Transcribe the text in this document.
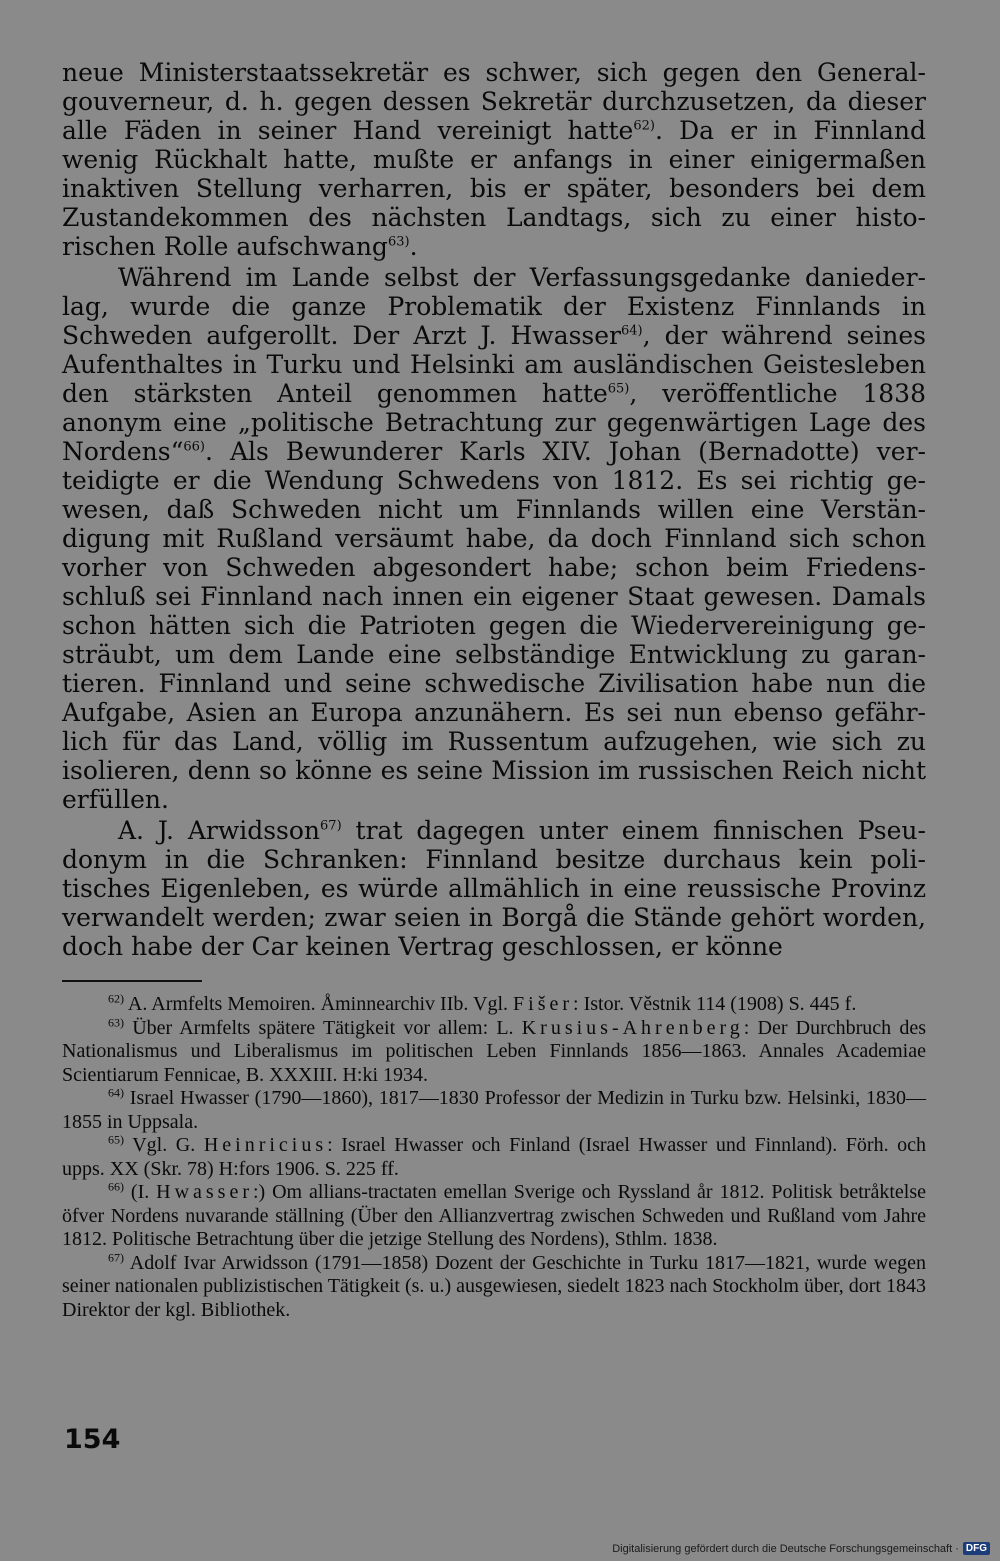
neue Ministerstaatssekretär es schwer, sich gegen den Generalgouverneur, d. h. gegen dessen Sekretär durchzusetzen, da dieser alle Fäden in seiner Hand vereinigt hatte$^{62)}$. Da er in Finnland wenig Rückhalt hatte, mußte er anfangs in einer einigermaßen inaktiven Stellung verharren, bis er später, besonders bei dem Zustandekommen des nächsten Landtags, sich zu einer historischen Rolle aufschwang$^{63)}$.

Während im Lande selbst der Verfassungsgedanke daniederlag, wurde die ganze Problematik der Existenz Finnlands in Schweden aufgerollt. Der Arzt J. Hwasser$^{64)}$, der während seines Aufenthaltes in Turku und Helsinki am ausländischen Geistesleben den stärksten Anteil genommen hatte$^{65)}$, veröffentliche 1838 anonym eine „politische Betrachtung zur gegenwärtigen Lage des Nordens“$^{66)}$. Als Bewunderer Karls XIV. Johan (Bernadotte) verteidigte er die Wendung Schwedens von 1812. Es sei richtig gewesen, daß Schweden nicht um Finnlands willen eine Verständigung mit Rußland versäumt habe, da doch Finnland sich schon vorher von Schweden abgesondert habe; schon beim Friedensschluß sei Finnland nach innen ein eigener Staat gewesen. Damals schon hätten sich die Patrioten gegen die Wiedervereinigung gesträubt, um dem Lande eine selbständige Entwicklung zu garantieren. Finnland und seine schwedische Zivilisation habe nun die Aufgabe, Asien an Europa anzunähern. Es sei nun ebenso gefährlich für das Land, völlig im Russentum aufzugehen, wie sich zu isolieren, denn so könne es seine Mission im russischen Reich nicht erfüllen.

A. J. Arwidsson$^{67)}$ trat dagegen unter einem finnischen Pseudonym in die Schranken: Finnland besitze durchaus kein politisches Eigenleben, es würde allmählich in eine reussische Provinz verwandelt werden; zwar seien in Borgå die Stände gehört worden, doch habe der Car keinen Vertrag geschlossen, er könne

$^{62)}$ A. Armfelts Memoiren. Åminnearchiv IIb. Vgl. Fišer: Istor. Věstnik 114 (1908) S. 445 f.

$^{63)}$ Über Armfelts spätere Tätigkeit vor allem: L. Krusius-Ahrenberg: Der Durchbruch des Nationalismus und Liberalismus im politischen Leben Finnlands 1856—1863. Annales Academiae Scientiarum Fennicae, B. XXXIII. H:ki 1934.

$^{64)}$ Israel Hwasser (1790—1860), 1817—1830 Professor der Medizin in Turku bzw. Helsinki, 1830—1855 in Uppsala.

$^{65)}$ Vgl. G. Heinricius: Israel Hwasser och Finland (Israel Hwasser und Finnland). Förh. och upps. XX (Skr. 78) H:fors 1906. S. 225 ff.

$^{66)}$ (I. Hwasser:) Om allians-tractaten emellan Sverige och Ryssland år 1812. Politisk betråktelse öfver Nordens nuvarande ställning (Über den Allianzvertrag zwischen Schweden und Rußland vom Jahre 1812. Politische Betrachtung über die jetzige Stellung des Nordens), Sthlm. 1838.

$^{67)}$ Adolf Ivar Arwidsson (1791—1858) Dozent der Geschichte in Turku 1817—1821, wurde wegen seiner nationalen publizistischen Tätigkeit (s. u.) ausgewiesen, siedelt 1823 nach Stockholm über, dort 1843 Direktor der kgl. Bibliothek.

154
Digitalisierung gefördert durch die Deutsche Forschungsgemeinschaft · DFG
